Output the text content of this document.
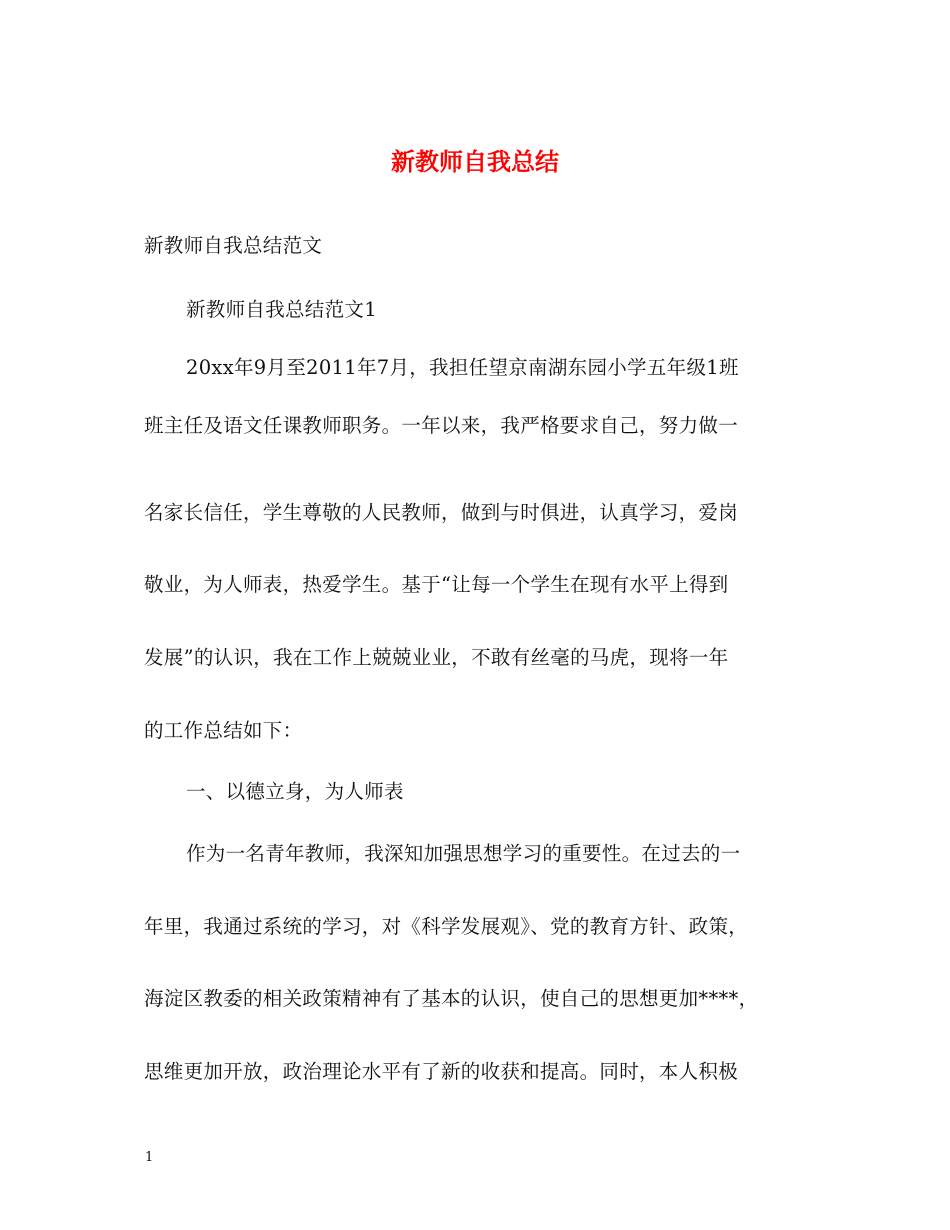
新教师自我总结
新教师自我总结范文
新教师自我总结范文1
20xx年9月至2011年7月，我担任望京南湖东园小学五年级1班
班主任及语文任课教师职务。一年以来，我严格要求自己，努力做一
名家长信任，学生尊敬的人民教师，做到与时俱进，认真学习，爱岗
敬业，为人师表，热爱学生。基于“让每一个学生在现有水平上得到
发展”的认识，我在工作上兢兢业业，不敢有丝毫的马虎，现将一年
的工作总结如下：
一、以德立身，为人师表
作为一名青年教师，我深知加强思想学习的重要性。在过去的一
年里，我通过系统的学习，对《科学发展观》、党的教育方针、政策，
海淀区教委的相关政策精神有了基本的认识，使自己的思想更加****，
思维更加开放，政治理论水平有了新的收获和提高。同时，本人积极
1
